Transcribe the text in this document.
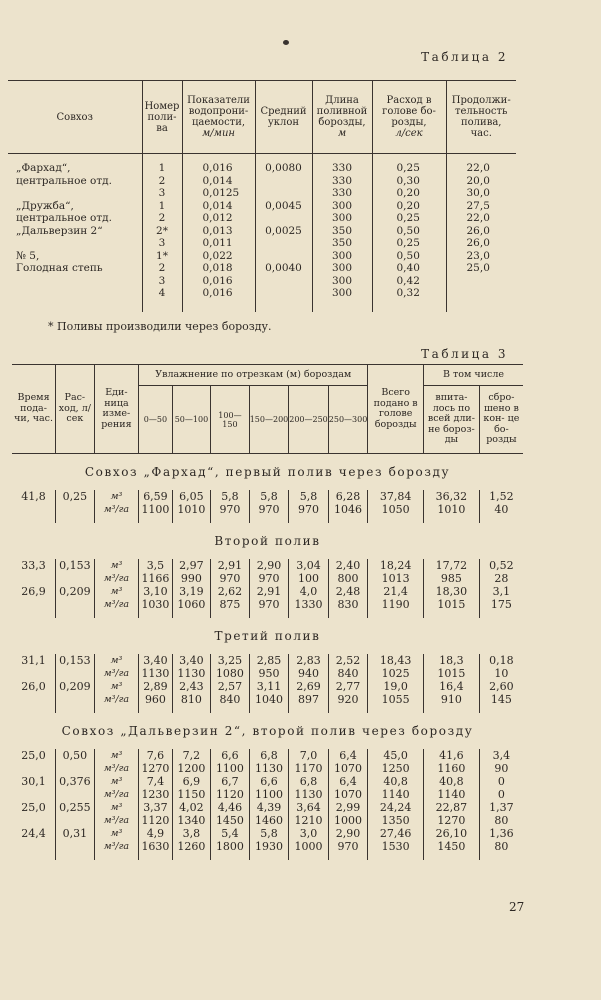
Таблица 2
Совхоз	Номер
поли-
ва	Показатели
водопрони-
цаемости,
м/мин	Средний
уклон	Длина
поливной
борозды,
м	Расход в
голове бо-
розды,
л/сек	Продолжи-
тельность
полива,
час.

„Фархад“,	1	0,016	0,0080	330	0,25	22,0
центральное отд.	2	0,014		330	0,30	20,0
	3	0,0125		330	0,20	30,0
„Дружба“,	1	0,014	0,0045	300	0,20	27,5
центральное отд.	2	0,012		300	0,25	22,0
„Дальверзин 2“	2*	0,013	0,0025	350	0,50	26,0
	3	0,011		350	0,25	26,0
№ 5,	1*	0,022		300	0,50	23,0
Голодная степь	2	0,018	0,0040	300	0,40	25,0
	3	0,016		300	0,42	
	4	0,016		300	0,32	
* Поливы производили через борозду.
Таблица 3
Время пода- чи, час.	Рас- ход, л/сек	Еди- ница изме- рения	Увлажнение по отрезкам (м) бороздам						Всего подано в голове борозды	В том числе	
			0—50	50—100	100—150	150—200	200—250	250—300		впита- лось по всей дли- не бороз- ды	сбро- шено в кон- це бо- розды
Совхоз „Фархад“, первый полив через борозду											
41,8	0,25	м³	6,59	6,05	5,8	5,8	5,8	6,28	37,84	36,32	1,52
		м³/га	1100	1010	970	970	970	1046	1050	1010	40

Второй полив											
33,3	0,153	м³	3,5	2,97	2,91	2,90	3,04	2,40	18,24	17,72	0,52
		м³/га	1166	990	970	970	100	800	1013	985	28
26,9	0,209	м³	3,10	3,19	2,62	2,91	4,0	2,48	21,4	18,30	3,1
		м³/га	1030	1060	875	970	1330	830	1190	1015	175

Третий полив											
31,1	0,153	м³	3,40	3,40	3,25	2,85	2,83	2,52	18,43	18,3	0,18
		м³/га	1130	1130	1080	950	940	840	1025	1015	10
26,0	0,209	м³	2,89	2,43	2,57	3,11	2,69	2,77	19,0	16,4	2,60
		м³/га	960	810	840	1040	897	920	1055	910	145

Совхоз „Дальверзин 2“, второй полив через борозду											
25,0	0,50	м³	7,6	7,2	6,6	6,8	7,0	6,4	45,0	41,6	3,4
		м³/га	1270	1200	1100	1130	1170	1070	1250	1160	90
30,1	0,376	м³	7,4	6,9	6,7	6,6	6,8	6,4	40,8	40,8	0
		м³/га	1230	1150	1120	1100	1130	1070	1140	1140	0
25,0	0,255	м³	3,37	4,02	4,46	4,39	3,64	2,99	24,24	22,87	1,37
		м³/га	1120	1340	1450	1460	1210	1000	1350	1270	80
24,4	0,31	м³	4,9	3,8	5,4	5,8	3,0	2,90	27,46	26,10	1,36
		м³/га	1630	1260	1800	1930	1000	970	1530	1450	80

27
